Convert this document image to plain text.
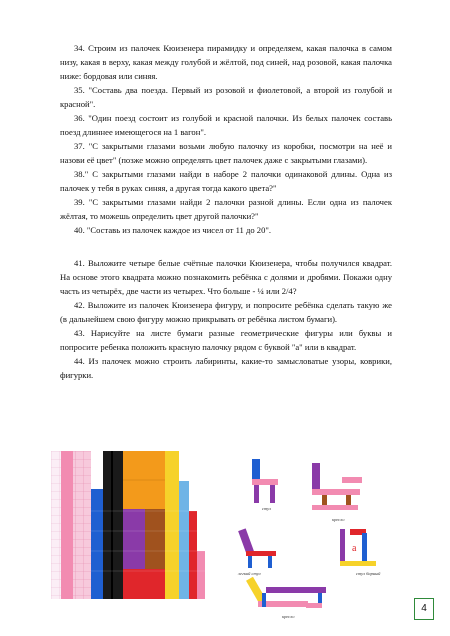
34. Строим из палочек Кюизенера пирамидку и определяем, какая палочка в самом низу, какая в верху, какая между голубой и жёлтой, под синей, над розовой, какая палочка ниже: бордовая или синяя.

35. "Составь два поезда. Первый из розовой и фиолетовой, а второй из голубой и красной".

36. "Один поезд состоит из голубой и красной палочки. Из белых палочек составь поезд длиннее имеющегося на 1 вагон".

37. "С закрытыми глазами возьми любую палочку из коробки, посмотри на неё и назови её цвет" (позже можно определять цвет палочек даже с закрытыми глазами).

38." С закрытыми глазами найди в наборе 2 палочки одинаковой длины. Одна из палочек у тебя в руках синяя, а другая тогда какого цвета?"

39. "С закрытыми глазами найди 2 палочки разной длины. Если одна из палочек жёлтая, то можешь определить цвет другой палочки?"

40. "Составь из палочек каждое из чисел от 11 до 20".

41. Выложите четыре белые счётные палочки Кюизенера, чтобы получился квадрат. На основе этого квадрата можно познакомить ребёнка с долями и дробями. Покажи одну часть из четырёх, две части из четырех. Что больше - ¼ или 2/4?

42. Выложите из палочек Кюизенера фигуру, и попросите ребёнка сделать такую же (в дальнейшем свою фигуру можно прикрывать от ребёнка листом бумаги).

43. Нарисуйте на листе бумаги разные геометрические фигуры или буквы и попросите ребенка положить красную палочку рядом с буквой "а" или в квадрат.

44. Из палочек можно строить лабиринты, какие-то замысловатые узоры, коврики, фигурки.

стул
кресло
легкий стул
а
стул барный
кресло
4
